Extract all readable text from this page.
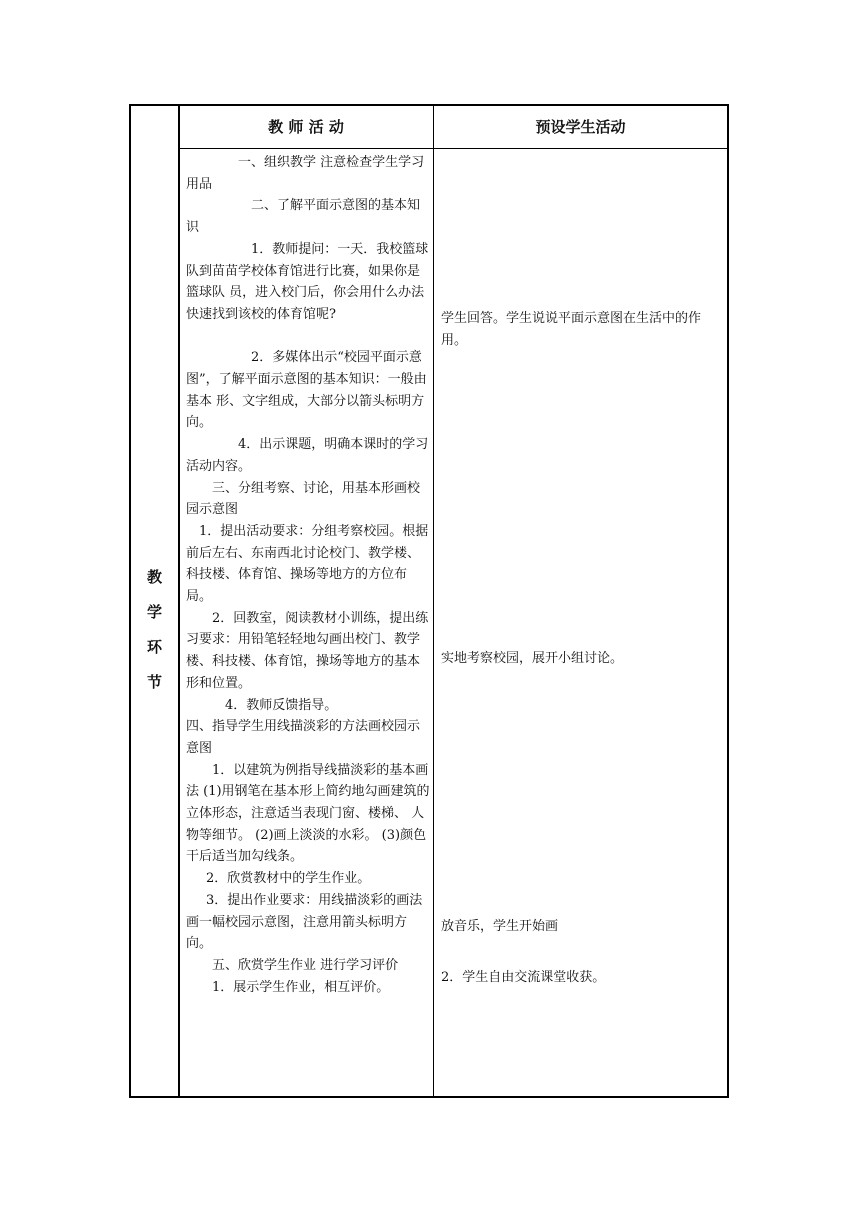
教 师 活 动	预设学生活动
教
学
环
节

一、组织教学 注意检查学生学习用品

二、了解平面示意图的基本知识

1．教师提问：一天．我校篮球队到苗苗学校体育馆进行比赛，如果你是篮球队 员，进入校门后，你会用什么办法快速找到该校的体育馆呢?

2．多媒体出示“校园平面示意图”，了解平面示意图的基本知识：一般由基本 形、文字组成，大部分以箭头标明方向。

4．出示课题，明确本课时的学习活动内容。

三、分组考察、讨论，用基本形画校园示意图

1．提出活动要求：分组考察校园。根据前后左右、东南西北讨论校门、教学楼、 科技楼、体育馆、操场等地方的方位布局。

2．回教室，阅读教材小训练，提出练习要求：用铅笔轻轻地勾画出校门、教学 楼、科技楼、体育馆，操场等地方的基本形和位置。

4．教师反馈指导。

四、指导学生用线描淡彩的方法画校园示意图

1．以建筑为例指导线描淡彩的基本画法 (1)用钢笔在基本形上简约地勾画建筑的立体形态，注意适当表现门窗、楼梯、 人物等细节。 (2)画上淡淡的水彩。 (3)颜色干后适当加勾线条。

2．欣赏教材中的学生作业。

3．提出作业要求：用线描淡彩的画法画一幅校园示意图，注意用箭头标明方向。

五、欣赏学生作业 进行学习评价

1．展示学生作业，相互评价。

学生回答。学生说说平面示意图在生活中的作用。

实地考察校园，展开小组讨论。

放音乐，学生开始画

2．学生自由交流课堂收获。
